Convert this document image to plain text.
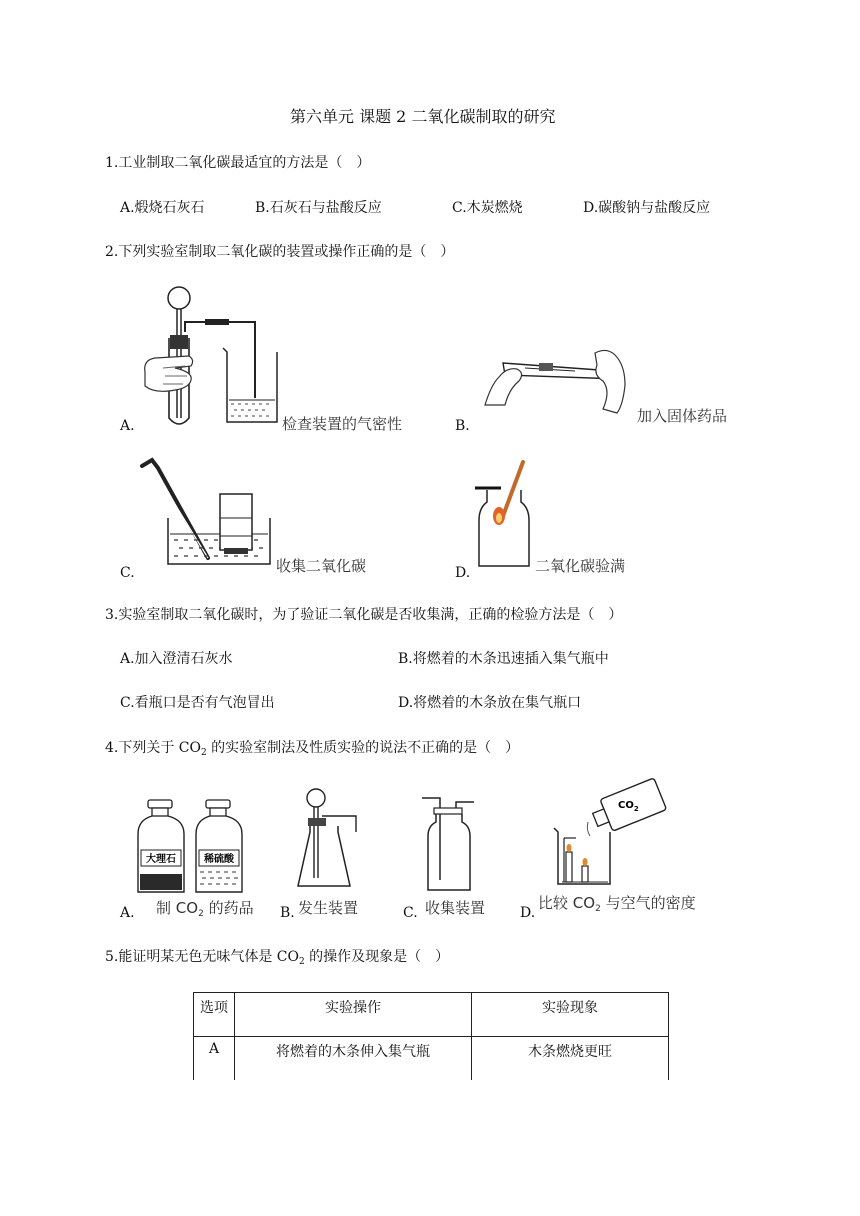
第六单元 课题 2 二氧化碳制取的研究
1.工业制取二氧化碳最适宜的方法是（　）
A.煅烧石灰石	B.石灰石与盐酸反应	C.木炭燃烧	D.碳酸钠与盐酸反应
2.下列实验室制取二氧化碳的装置或操作正确的是（　）
A.	检查装置的气密性	B.
加入固体药品
C.	收集二氧化碳	D.	二氧化碳验满
3.实验室制取二氧化碳时，为了验证二氧化碳是否收集满，正确的检验方法是（　）
A.加入澄清石灰水	B.将燃着的木条迅速插入集气瓶中
C.看瓶口是否有气泡冒出	D.将燃着的木条放在集气瓶口
4.下列关于 $CO_2$ 的实验室制法及性质实验的说法不正确的是（　）
大理石	稀硫酸
A. 制 $CO_2$ 的药品 B. 发生装置	C. 收集装置
$CO_2$
D.
比较 $CO_2$ 与空气的密度
5.能证明某无色无味气体是 $CO_2$ 的操作及现象是（　）
选项	实验操作	实验现象
A	将燃着的木条伸入集气瓶	木条燃烧更旺
